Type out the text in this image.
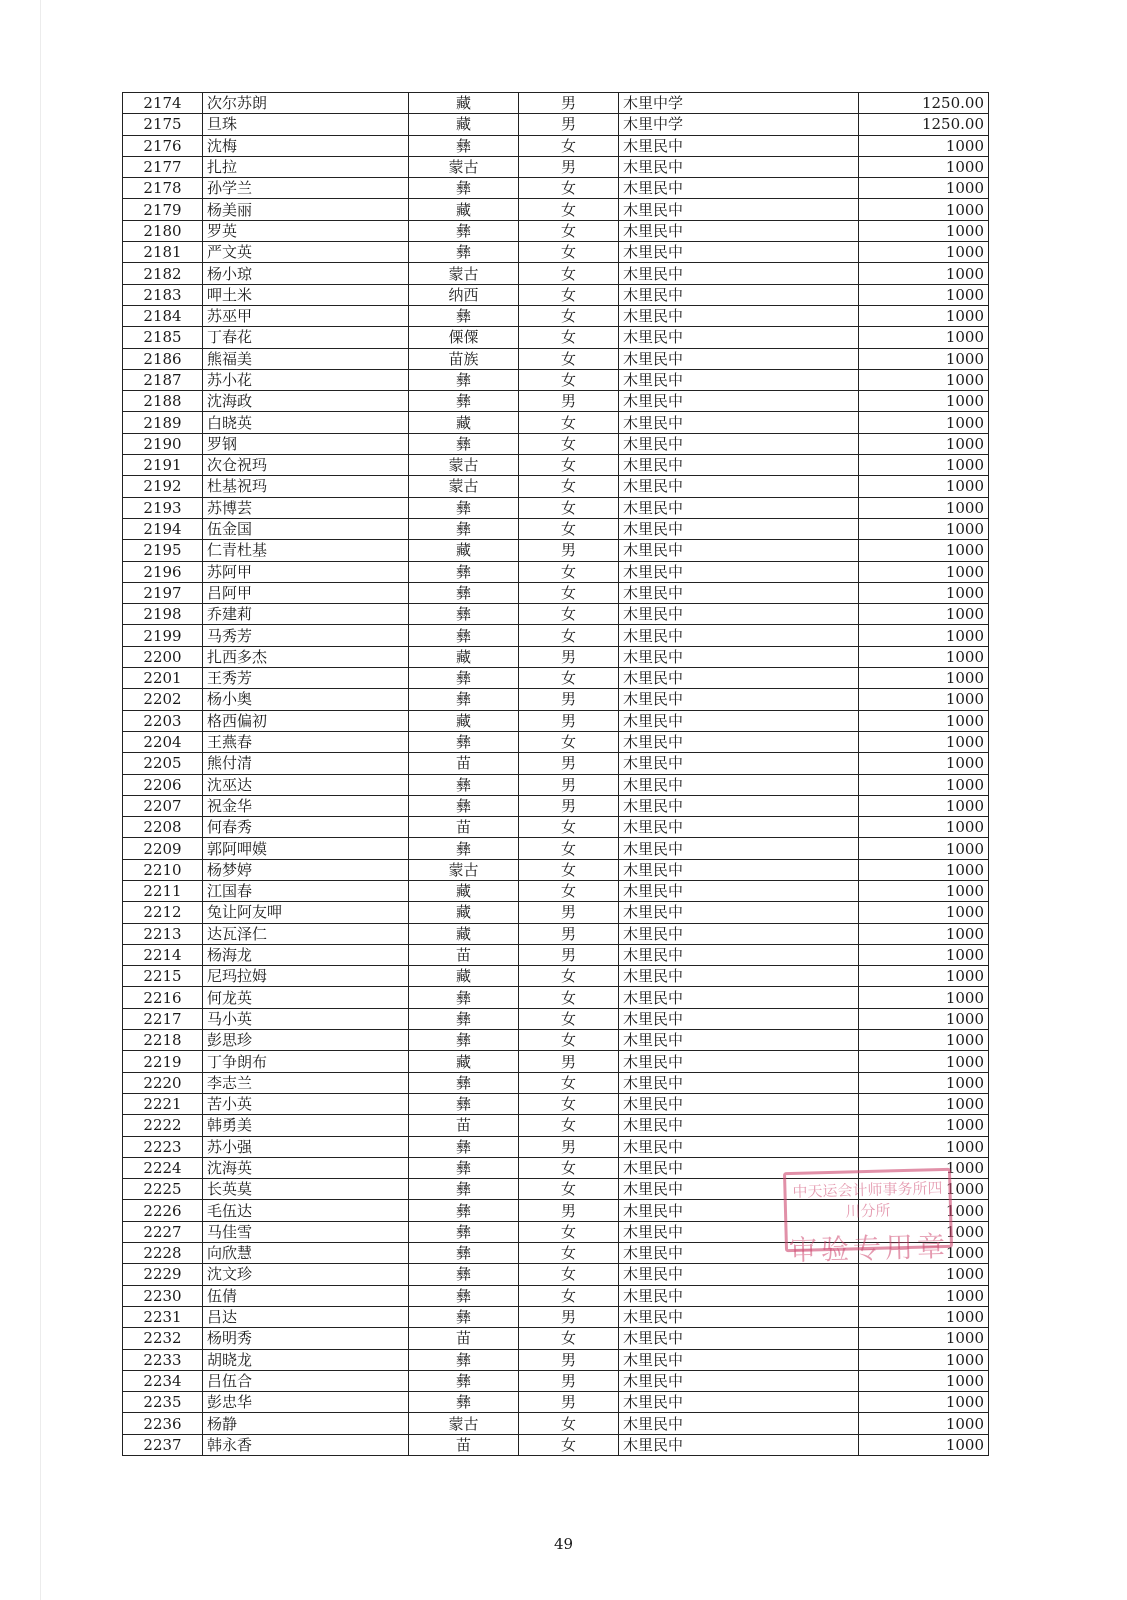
2174	次尔苏朗	藏	男	木里中学	1250.00
2175	旦珠	藏	男	木里中学	1250.00
2176	沈梅	彝	女	木里民中	1000
2177	扎拉	蒙古	男	木里民中	1000
2178	孙学兰	彝	女	木里民中	1000
2179	杨美丽	藏	女	木里民中	1000
2180	罗英	彝	女	木里民中	1000
2181	严文英	彝	女	木里民中	1000
2182	杨小琼	蒙古	女	木里民中	1000
2183	呷土米	纳西	女	木里民中	1000
2184	苏巫甲	彝	女	木里民中	1000
2185	丁春花	傈僳	女	木里民中	1000
2186	熊福美	苗族	女	木里民中	1000
2187	苏小花	彝	女	木里民中	1000
2188	沈海政	彝	男	木里民中	1000
2189	白晓英	藏	女	木里民中	1000
2190	罗钢	彝	女	木里民中	1000
2191	次仓祝玛	蒙古	女	木里民中	1000
2192	杜基祝玛	蒙古	女	木里民中	1000
2193	苏博芸	彝	女	木里民中	1000
2194	伍金国	彝	女	木里民中	1000
2195	仁青杜基	藏	男	木里民中	1000
2196	苏阿甲	彝	女	木里民中	1000
2197	吕阿甲	彝	女	木里民中	1000
2198	乔建莉	彝	女	木里民中	1000
2199	马秀芳	彝	女	木里民中	1000
2200	扎西多杰	藏	男	木里民中	1000
2201	王秀芳	彝	女	木里民中	1000
2202	杨小奥	彝	男	木里民中	1000
2203	格西偏初	藏	男	木里民中	1000
2204	王燕春	彝	女	木里民中	1000
2205	熊付清	苗	男	木里民中	1000
2206	沈巫达	彝	男	木里民中	1000
2207	祝金华	彝	男	木里民中	1000
2208	何春秀	苗	女	木里民中	1000
2209	郭阿呷嫫	彝	女	木里民中	1000
2210	杨梦婷	蒙古	女	木里民中	1000
2211	江国春	藏	女	木里民中	1000
2212	兔让阿友呷	藏	男	木里民中	1000
2213	达瓦泽仁	藏	男	木里民中	1000
2214	杨海龙	苗	男	木里民中	1000
2215	尼玛拉姆	藏	女	木里民中	1000
2216	何龙英	彝	女	木里民中	1000
2217	马小英	彝	女	木里民中	1000
2218	彭思珍	彝	女	木里民中	1000
2219	丁争朗布	藏	男	木里民中	1000
2220	李志兰	彝	女	木里民中	1000
2221	苦小英	彝	女	木里民中	1000
2222	韩勇美	苗	女	木里民中	1000
2223	苏小强	彝	男	木里民中	1000
2224	沈海英	彝	女	木里民中	1000
2225	长英莫	彝	女	木里民中	1000
2226	毛伍达	彝	男	木里民中	1000
2227	马佳雪	彝	女	木里民中	1000
2228	向欣慧	彝	女	木里民中	1000
2229	沈文珍	彝	女	木里民中	1000
2230	伍倩	彝	女	木里民中	1000
2231	吕达	彝	男	木里民中	1000
2232	杨明秀	苗	女	木里民中	1000
2233	胡晓龙	彝	男	木里民中	1000
2234	吕伍合	彝	男	木里民中	1000
2235	彭忠华	彝	男	木里民中	1000
2236	杨静	蒙古	女	木里民中	1000
2237	韩永香	苗	女	木里民中	1000
中天运会计师事务所四川分所
审验专用章
49
